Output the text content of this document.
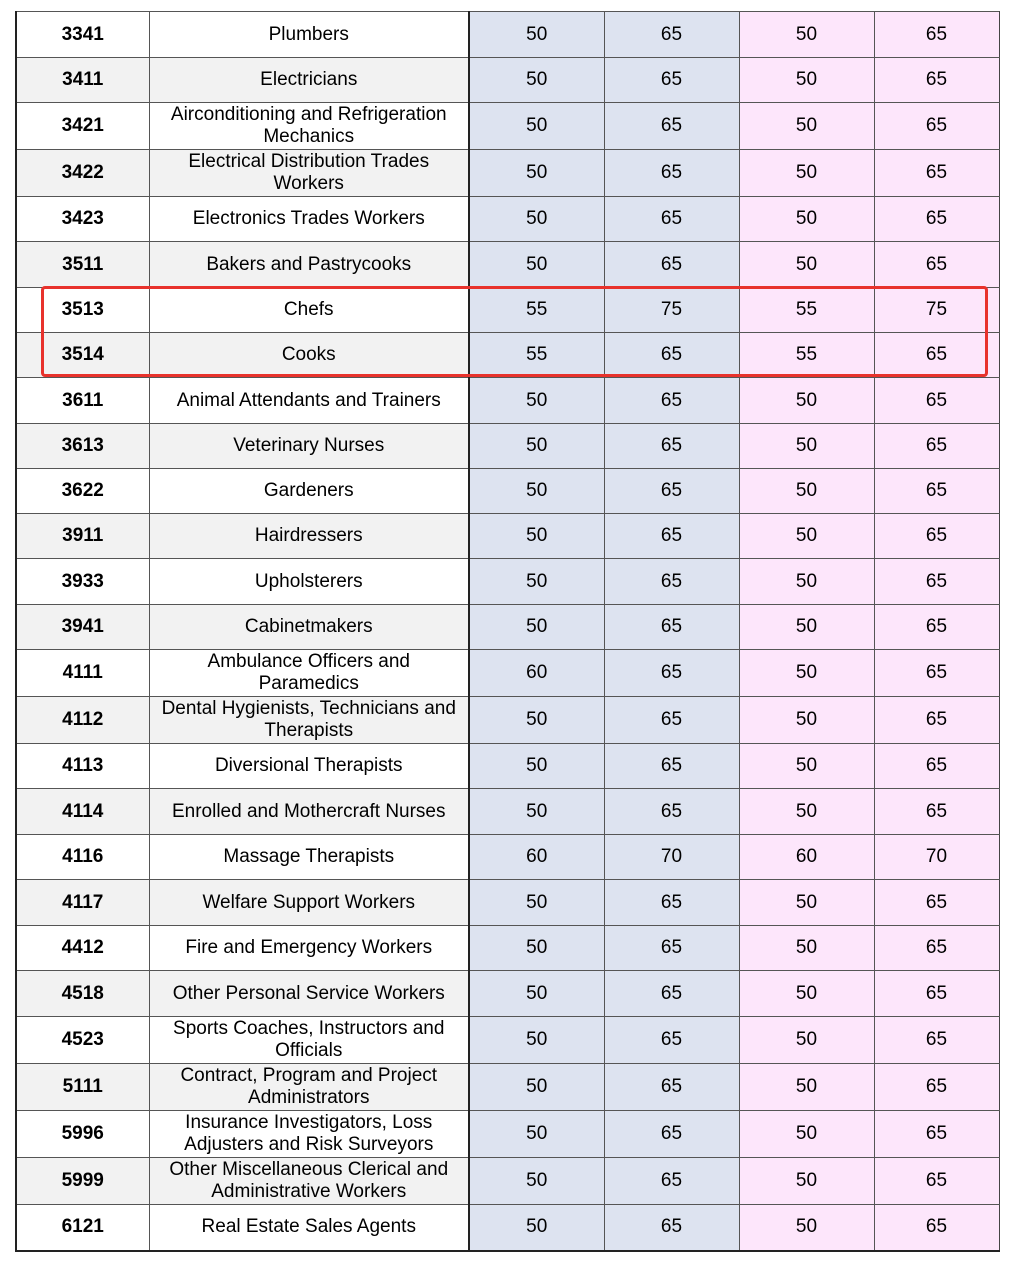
3341	Plumbers	50	65	50	65
3411	Electricians	50	65	50	65
3421	Airconditioning and Refrigeration Mechanics	50	65	50	65
3422	Electrical Distribution Trades Workers	50	65	50	65
3423	Electronics Trades Workers	50	65	50	65
3511	Bakers and Pastrycooks	50	65	50	65
3513	Chefs	55	75	55	75
3514	Cooks	55	65	55	65
3611	Animal Attendants and Trainers	50	65	50	65
3613	Veterinary Nurses	50	65	50	65
3622	Gardeners	50	65	50	65
3911	Hairdressers	50	65	50	65
3933	Upholsterers	50	65	50	65
3941	Cabinetmakers	50	65	50	65
4111	Ambulance Officers and Paramedics	60	65	50	65
4112	Dental Hygienists, Technicians and Therapists	50	65	50	65
4113	Diversional Therapists	50	65	50	65
4114	Enrolled and Mothercraft Nurses	50	65	50	65
4116	Massage Therapists	60	70	60	70
4117	Welfare Support Workers	50	65	50	65
4412	Fire and Emergency Workers	50	65	50	65
4518	Other Personal Service Workers	50	65	50	65
4523	Sports Coaches, Instructors and Officials	50	65	50	65
5111	Contract, Program and Project Administrators	50	65	50	65
5996	Insurance Investigators, Loss Adjusters and Risk Surveyors	50	65	50	65
5999	Other Miscellaneous Clerical and Administrative Workers	50	65	50	65
6121	Real Estate Sales Agents	50	65	50	65
